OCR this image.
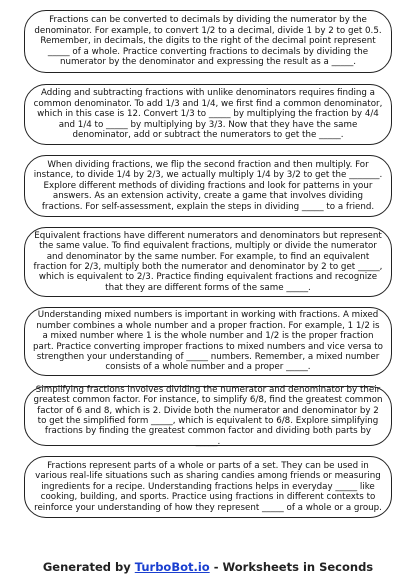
Fractions can be converted to decimals by dividing the numerator by the denominator. For example, to convert 1/2 to a decimal, divide 1 by 2 to get 0.5. Remember, in decimals, the digits to the right of the decimal point represent _____ of a whole. Practice converting fractions to decimals by dividing the numerator by the denominator and expressing the result as a _____.
Adding and subtracting fractions with unlike denominators requires finding a common denominator. To add 1/3 and 1/4, we first find a common denominator, which in this case is 12. Convert 1/3 to _____ by multiplying the fraction by 4/4 and 1/4 to _____ by multiplying by 3/3. Now that they have the same denominator, add or subtract the numerators to get the _____.
When dividing fractions, we flip the second fraction and then multiply. For instance, to divide 1/4 by 2/3, we actually multiply 1/4 by 3/2 to get the _______. Explore different methods of dividing fractions and look for patterns in your answers. As an extension activity, create a game that involves dividing fractions. For self-assessment, explain the steps in dividing _____ to a friend.
Equivalent fractions have different numerators and denominators but represent the same value. To find equivalent fractions, multiply or divide the numerator and denominator by the same number. For example, to find an equivalent fraction for 2/3, multiply both the numerator and denominator by 2 to get _____, which is equivalent to 2/3. Practice finding equivalent fractions and recognize that they are different forms of the same _____.
Understanding mixed numbers is important in working with fractions. A mixed number combines a whole number and a proper fraction. For example, 1 1/2 is a mixed number where 1 is the whole number and 1/2 is the proper fraction part. Practice converting improper fractions to mixed numbers and vice versa to strengthen your understanding of _____ numbers. Remember, a mixed number consists of a whole number and a proper _____.
Simplifying fractions involves dividing the numerator and denominator by their greatest common factor. For instance, to simplify 6/8, find the greatest common factor of 6 and 8, which is 2. Divide both the numerator and denominator by 2 to get the simplified form _____, which is equivalent to 6/8. Explore simplifying fractions by finding the greatest common factor and dividing both parts by _____.
Fractions represent parts of a whole or parts of a set. They can be used in various real-life situations such as sharing candies among friends or measuring ingredients for a recipe. Understanding fractions helps in everyday _____ like cooking, building, and sports. Practice using fractions in different contexts to reinforce your understanding of how they represent _____ of a whole or a group.
Generated by TurboBot.io - Worksheets in Seconds
